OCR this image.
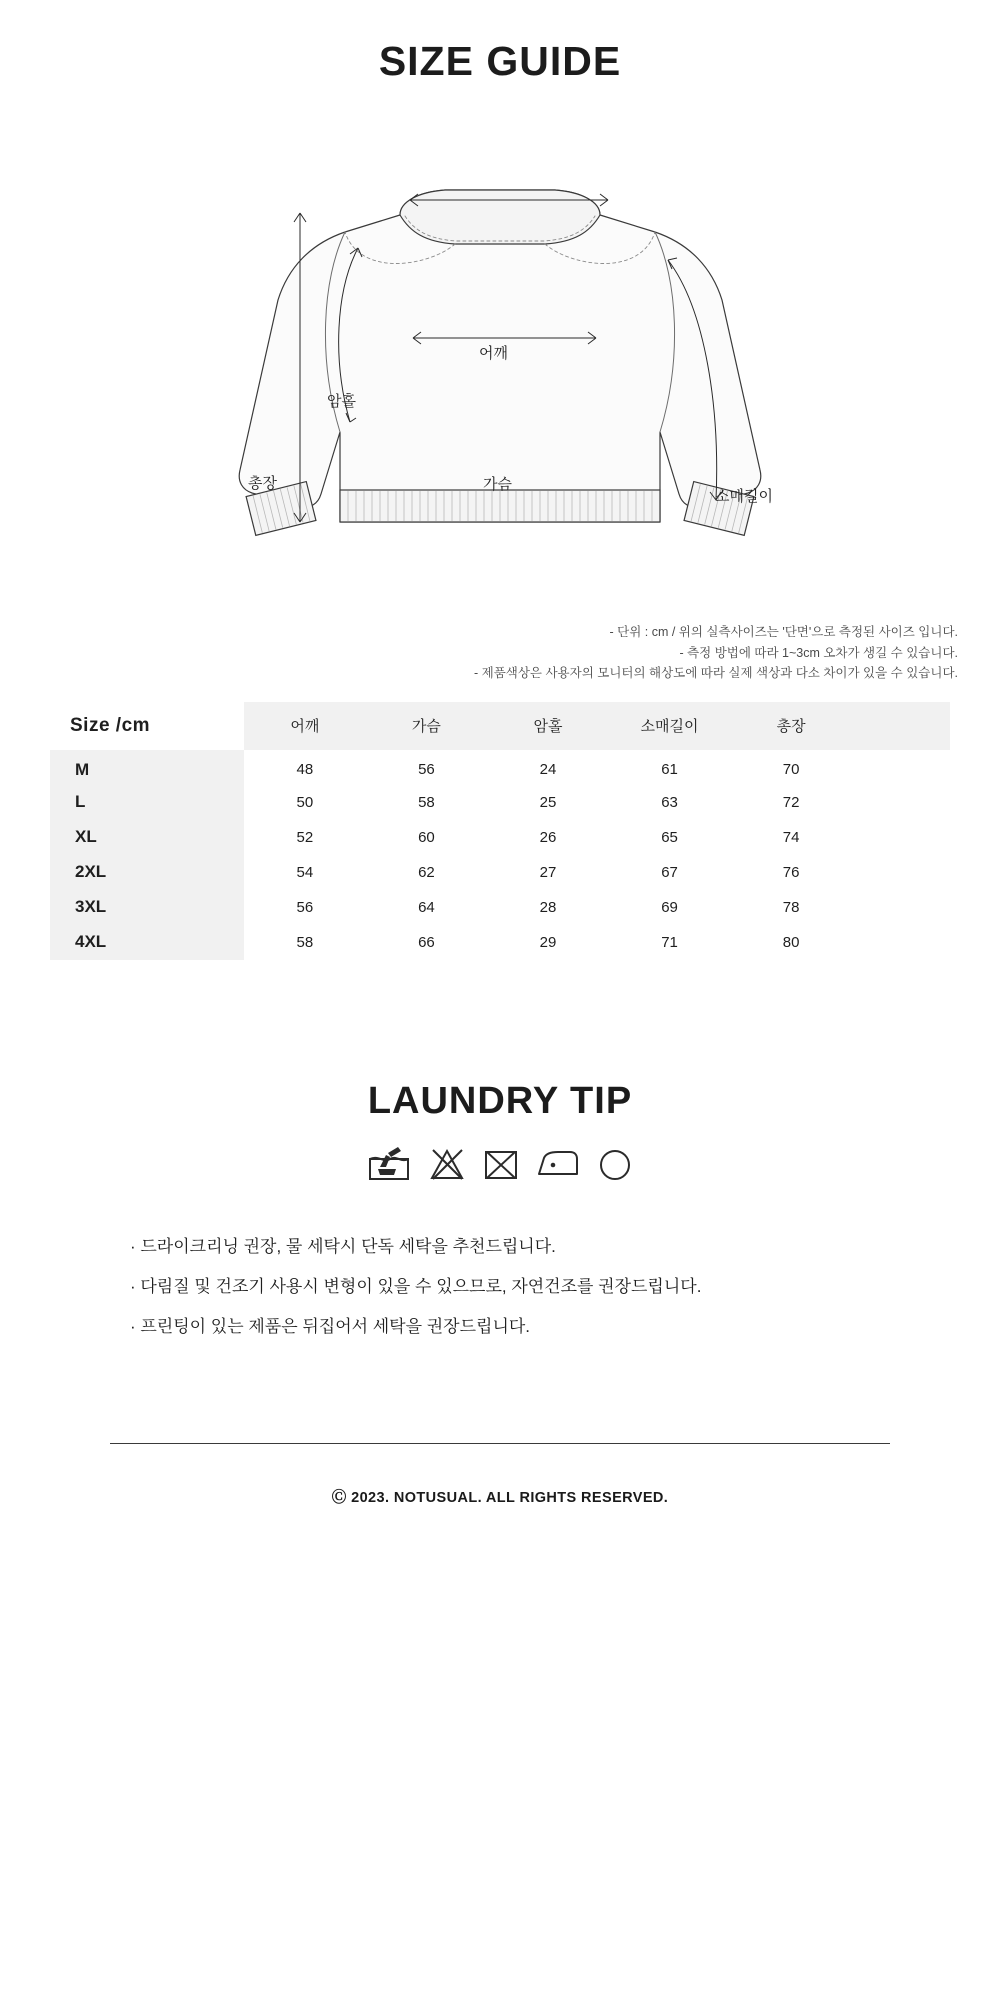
SIZE GUIDE
어깨
암홀
가슴
소매길이
총장
- 단위 : cm / 위의 실측사이즈는 '단면'으로 측정된 사이즈 입니다.
- 측정 방법에 따라 1~3cm 오차가 생길 수 있습니다.
- 제품색상은 사용자의 모니터의 해상도에 따라 실제 색상과 다소 차이가 있을 수 있습니다.
Size /cm	어깨	가슴	암홀	소매길이	총장	
M	48	56	24	61	70	
L	50	58	25	63	72	
XL	52	60	26	65	74	
2XL	54	62	27	67	76	
3XL	56	64	28	69	78	
4XL	58	66	29	71	80	
LAUNDRY TIP
· 드라이크리닝 권장, 물 세탁시 단독 세탁을 추천드립니다.
· 다림질 및 건조기 사용시 변형이 있을 수 있으므로, 자연건조를 권장드립니다.
· 프린팅이 있는 제품은 뒤집어서 세탁을 권장드립니다.
Ⓒ 2023. NOTUSUAL. ALL RIGHTS RESERVED.
